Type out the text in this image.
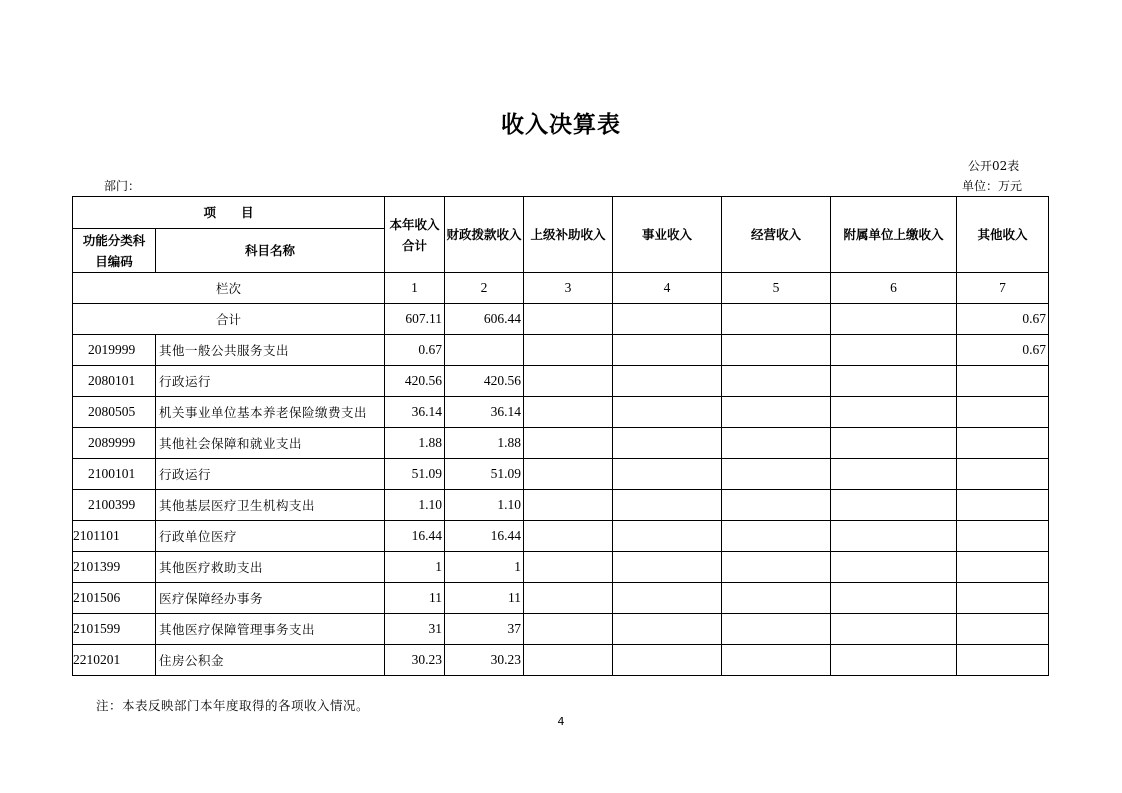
收入决算表
公开02表
部门：	单位：万元
项　　目		本年收入合计	财政拨款收入	上级补助收入	事业收入	经营收入	附属单位上缴收入	其他收入
功能分类科目编码	科目名称							
栏次		1	2	3	4	5	6	7
合计		607.11	606.44					0.67
2019999	其他一般公共服务支出	0.67						0.67
2080101	行政运行	420.56	420.56					
2080505	机关事业单位基本养老保险缴费支出	36.14	36.14					
2089999	其他社会保障和就业支出	1.88	1.88					
2100101	行政运行	51.09	51.09					
2100399	其他基层医疗卫生机构支出	1.10	1.10					
2101101	行政单位医疗	16.44	16.44					
2101399	其他医疗救助支出	1	1					
2101506	医疗保障经办事务	11	11					
2101599	其他医疗保障管理事务支出	31	37					
2210201	住房公积金	30.23	30.23					
注：本表反映部门本年度取得的各项收入情况。
4
